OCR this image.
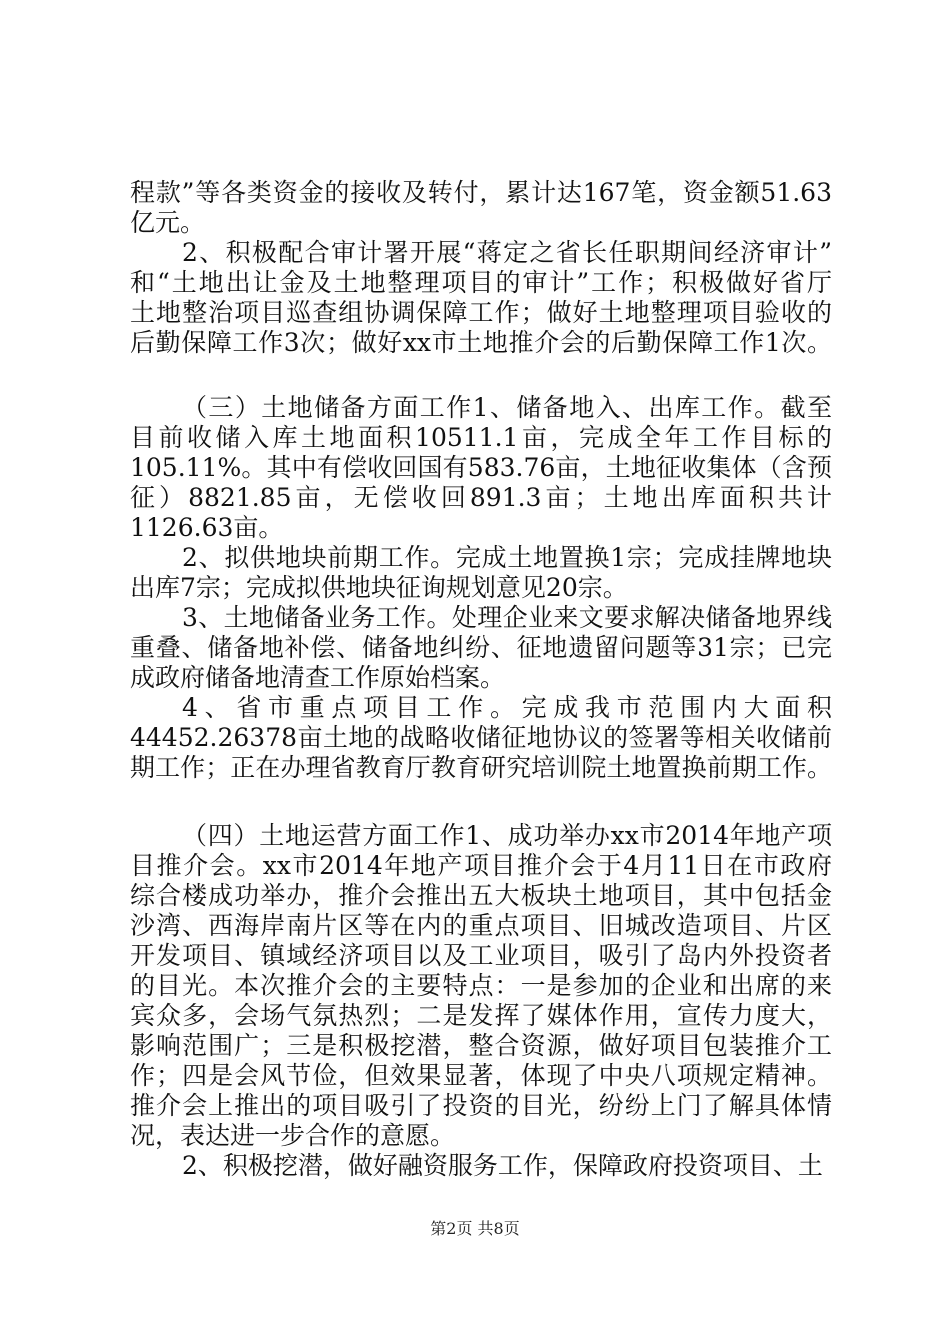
程款”等各类资金的接收及转付，累计达167笔，资金额51.63
亿元。
2、积极配合审计署开展“蒋定之省长任职期间经济审计”
和“土地出让金及土地整理项目的审计”工作；积极做好省厅
土地整治项目巡查组协调保障工作；做好土地整理项目验收的
后勤保障工作3次；做好xx市土地推介会的后勤保障工作1次。
（三）土地储备方面工作1、储备地入、出库工作。截至
目前收储入库土地面积10511.1亩，完成全年工作目标的
105.11%。其中有偿收回国有583.76亩，土地征收集体（含预
征）8821.85亩，无偿收回891.3亩；土地出库面积共计
1126.63亩。
2、拟供地块前期工作。完成土地置换1宗；完成挂牌地块
出库7宗；完成拟供地块征询规划意见20宗。
3、土地储备业务工作。处理企业来文要求解决储备地界线
重叠、储备地补偿、储备地纠纷、征地遗留问题等31宗；已完
成政府储备地清查工作原始档案。
4、省市重点项目工作。完成我市范围内大面积
44452.26378亩土地的战略收储征地协议的签署等相关收储前
期工作；正在办理省教育厅教育研究培训院土地置换前期工作。
（四）土地运营方面工作1、成功举办xx市2014年地产项
目推介会。xx市2014年地产项目推介会于4月11日在市政府
综合楼成功举办，推介会推出五大板块土地项目，其中包括金
沙湾、西海岸南片区等在内的重点项目、旧城改造项目、片区
开发项目、镇域经济项目以及工业项目，吸引了岛内外投资者
的目光。本次推介会的主要特点：一是参加的企业和出席的来
宾众多，会场气氛热烈；二是发挥了媒体作用，宣传力度大，
影响范围广；三是积极挖潜，整合资源，做好项目包装推介工
作；四是会风节俭，但效果显著，体现了中央八项规定精神。
推介会上推出的项目吸引了投资的目光，纷纷上门了解具体情
况，表达进一步合作的意愿。
2、积极挖潜，做好融资服务工作，保障政府投资项目、土
第2页 共8页
